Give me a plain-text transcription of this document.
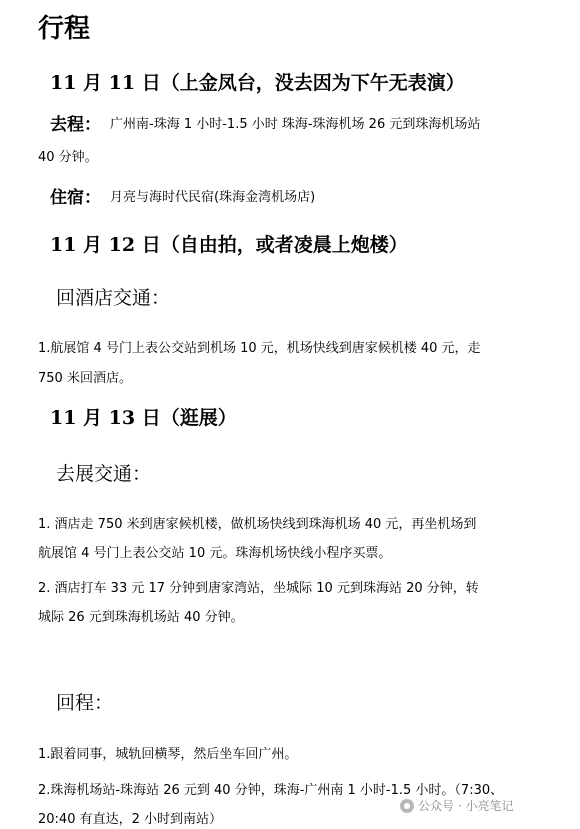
行程
11 月 11 日（上金凤台，没去因为下午无表演）
去程： 广州南-珠海 1 小时-1.5 小时 珠海-珠海机场 26 元到珠海机场站
40 分钟。
住宿： 月亮与海时代民宿(珠海金湾机场店)
11 月 12 日（自由拍，或者凌晨上炮楼）
回酒店交通：
1.航展馆 4 号门上表公交站到机场 10 元，机场快线到唐家候机楼 40 元，走
750 米回酒店。
11 月 13 日（逛展）
去展交通：
1. 酒店走 750 米到唐家候机楼，做机场快线到珠海机场 40 元，再坐机场到
航展馆 4 号门上表公交站 10 元。珠海机场快线小程序买票。
2. 酒店打车 33 元 17 分钟到唐家湾站，坐城际 10 元到珠海站 20 分钟，转
城际 26 元到珠海机场站 40 分钟。
回程：
1.跟着同事，城轨回横琴，然后坐车回广州。
2.珠海机场站-珠海站 26 元到 40 分钟，珠海-广州南 1 小时-1.5 小时。（7:30、
20:40 有直达，2 小时到南站）
公众号 · 小亮笔记
